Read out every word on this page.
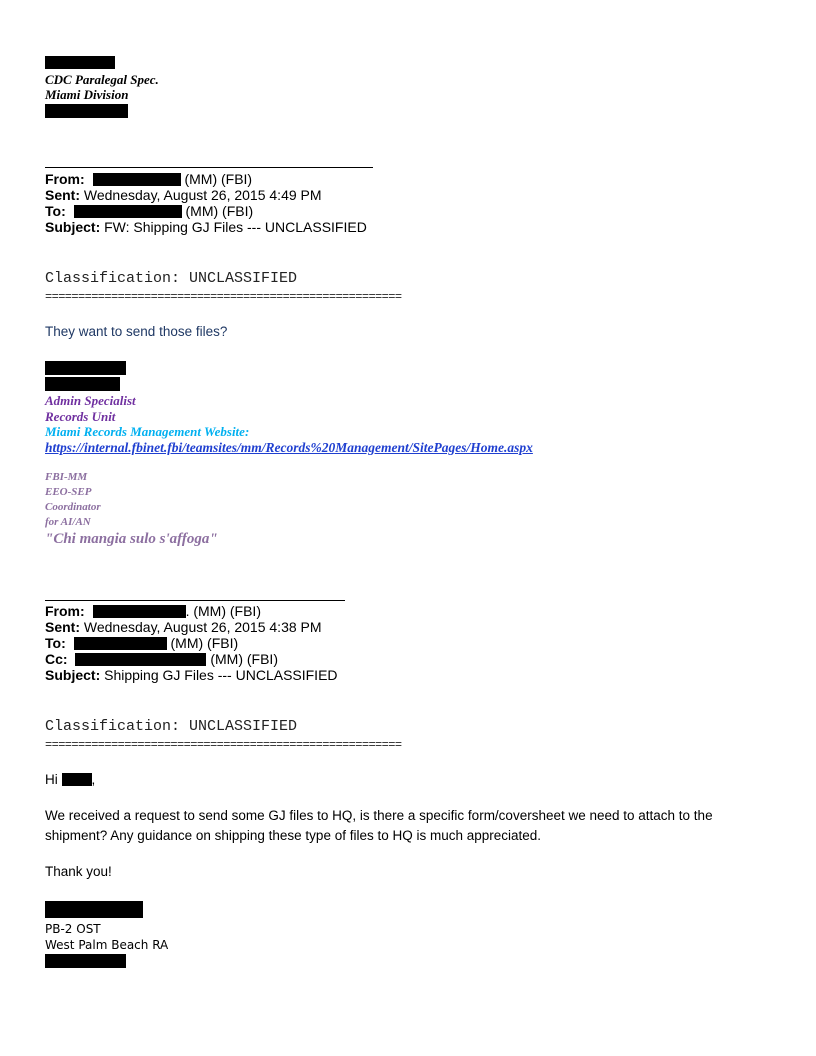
CDC Paralegal Spec.
Miami Division
From:	(MM) (FBI)
Sent: Wednesday, August 26, 2015 4:49 PM
To:	(MM) (FBI)
Subject: FW: Shipping GJ Files --- UNCLASSIFIED
Classification: UNCLASSIFIED
======================================================
They want to send those files?
Admin Specialist
Records Unit
Miami Records Management Website:
https://internal.fbinet.fbi/teamsites/mm/Records%20Management/SitePages/Home.aspx
FBI-MM
EEO-SEP
Coordinator
for AI/AN
"Chi mangia sulo s'affoga"
From:	. (MM) (FBI)
Sent: Wednesday, August 26, 2015 4:38 PM
To:	(MM) (FBI)
Cc:	(MM) (FBI)
Subject: Shipping GJ Files --- UNCLASSIFIED
Classification: UNCLASSIFIED
======================================================
Hi ,
We received a request to send some GJ files to HQ, is there a specific form/coversheet we need to attach to the shipment? Any guidance on shipping these type of files to HQ is much appreciated.
Thank you!
PB-2 OST
West Palm Beach RA
